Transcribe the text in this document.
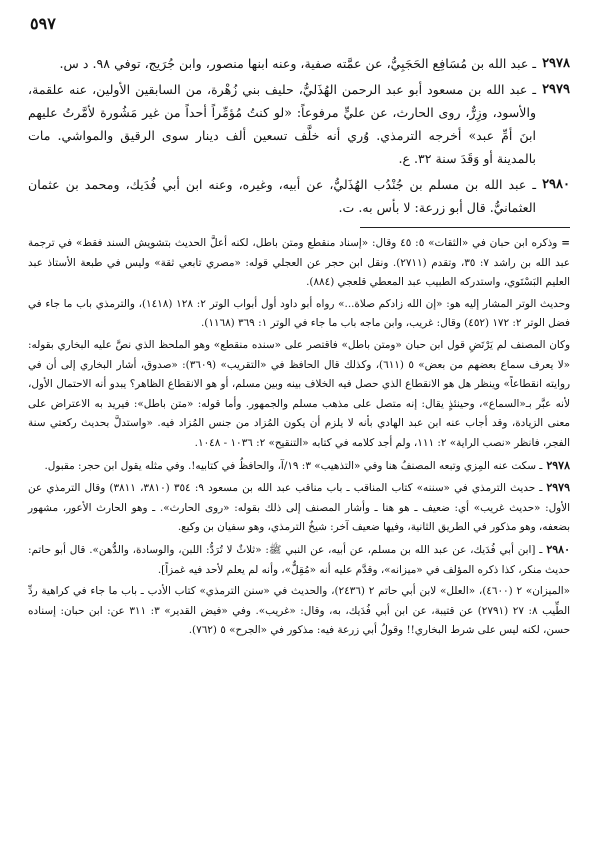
٥٩٧
٢٩٧٨
ـ عبد الله بن مُسَافِع الحَجَبِيُّ، عن عمَّته صفية، وعنه ابنها منصور، وابن جُرَيج، توفي ٩٨. د س.
٢٩٧٩
ـ عبد الله بن مسعود أبو عبد الرحمن الهُذَليُّ، حليف بني زُهْرة، من السابقين الأولين، عنه علقمة، والأسود، وزِرٌّ، روى الحارث، عن عليٍّ مرفوعاً: «لو كنتُ مُؤمِّراً أحداً من غير مَشُورة لأمَّرتُ عليهم ابنَ أمِّ عبد» أخرجه الترمذي. وُري أنه خلَّف تسعين ألف دينار سوى الرقيق والمواشي. مات بالمدينة أو وَقَدَ سنة ٣٢. ع.
٢٩٨٠
ـ عبد الله بن مسلم بن جُنْدُب الهُذَليُّ، عن أبيه، وغيره، وعنه ابن أبي فُدَيك، ومحمد بن عثمان العثمانيُّ. قال أبو زرعة: لا بأس به. ت.

=وذكره ابن حبان في «الثقات» ٥: ٤٥ وقال: «إسناد منقطع ومتن باطل، لكنه أعلَّ الحديث بتشويش السند فقط» في ترجمة عبد الله بن راشد ٧: ٣٥، وتقدم (٢٧١١). ونقل ابن حجر عن العجلي قوله: «مصري تابعي ثقة» وليس في طبعة الأستاذ عبد العليم البَسْتَوي، واستدركه الطبيب عبد المعطي قلعجي (٨٨٤).

وحديث الوتر المشار إليه هو: «إن الله زادكم صلاة...» رواه أبو داود أول أبواب الوتر ٢: ١٢٨ (١٤١٨)، والترمذي باب ما جاء في فضل الوتر ٢: ١٧٢ (٤٥٢) وقال: غريب، وابن ماجه باب ما جاء في الوتر ١: ٣٦٩ (١١٦٨).

وكان المصنف لم يَرْتَضِ قول ابن حبان «ومتن باطل» فاقتصر على «سنده منقطع» وهو الملحظ الذي نصَّ عليه البخاري بقوله: «لا يعرف سماع بعضهم من بعض» ٥ (٦١١)، وكذلك قال الحافظ في «التقريب» (٣٦٠٩): «صدوق، أشار البخاري إلى أن في روايته انقطاعاً» وينظر هل هو الانقطاع الذي حصل فيه الخلاف بينه وبين مسلم، أو هو الانقطاع الظاهر؟ يبدو أنه الاحتمال الأول، لأنه عبَّر بـ«السماع»، وحينئذٍ يقال: إنه متصل على مذهب مسلم والجمهور. وأما قوله: «متن باطل»: فيريد به الاعتراض على معنى الزيادة، وقد أجاب عنه ابن عبد الهادي بأنه لا يلزم أن يكون المُزاد من جنس المُزاد فيه. «واستدلَّ بحديث ركعتي سنة الفجر، فانظر «نصب الراية» ٢: ١١١، ولم أجد كلامه في كتابه «التنقيح» ٢: ١٠٣٦ - ١٠٤٨.

٢٩٧٨ـ سكت عنه المِزي وتبعه المصنفُ هنا وفي «التذهيب» ٣: ١٩/آ، والحافظُ في كتابيه!. وفي مثله يقول ابن حجر: مقبول.

٢٩٧٩ـ حديث الترمذي في «سننه» كتاب المناقب ـ باب مناقب عبد الله بن مسعود ٩: ٣٥٤ (٣٨١٠، ٣٨١١) وقال الترمذي عن الأول: «حديث غريب» أي: ضعيف ـ هو هنا ـ وأشار المصنف إلى ذلك بقوله: «روى الحارث». ـ وهو الحارث الأعور، مشهور بضعفه، وهو مذكور في الطريق الثانية، وفيها ضعيف آخر: شيخُ الترمذي، وهو سفيان بن وكيع.

٢٩٨٠ـ [ابن أبي فُدَيك، عن عبد الله بن مسلم، عن أبيه، عن النبي ﷺ: «ثلاثٌ لا تُرَدُّ: اللبن، والوسادة، والدُّهن». قال أبو حاتم: حديث منكر، كذا ذكره المؤلف في «ميزانه»، وقدَّم عليه أنه «مُقِلٌّ»، وأنه لم يعلم لأحد فيه غمزاً].

«الميزان» ٢ (٤٦٠٠)، «العلل» لابن أبي حاتم ٢ (٢٤٣٦)، والحديث في «سنن الترمذي» كتاب الأدب ـ باب ما جاء في كراهية ردِّ الطِّيب ٨: ٢٧ (٢٧٩١) عن قتيبة، عن ابن أبي فُدَيك، به، وقال: «غريب». وفي «فيض القدير» ٣: ٣١١ عن: ابن حبان: إسناده حسن، لكنه ليس على شرط البخاري!! وقولُ أبي زرعة فيه: مذكور في «الجرح» ٥ (٧٦٢).
